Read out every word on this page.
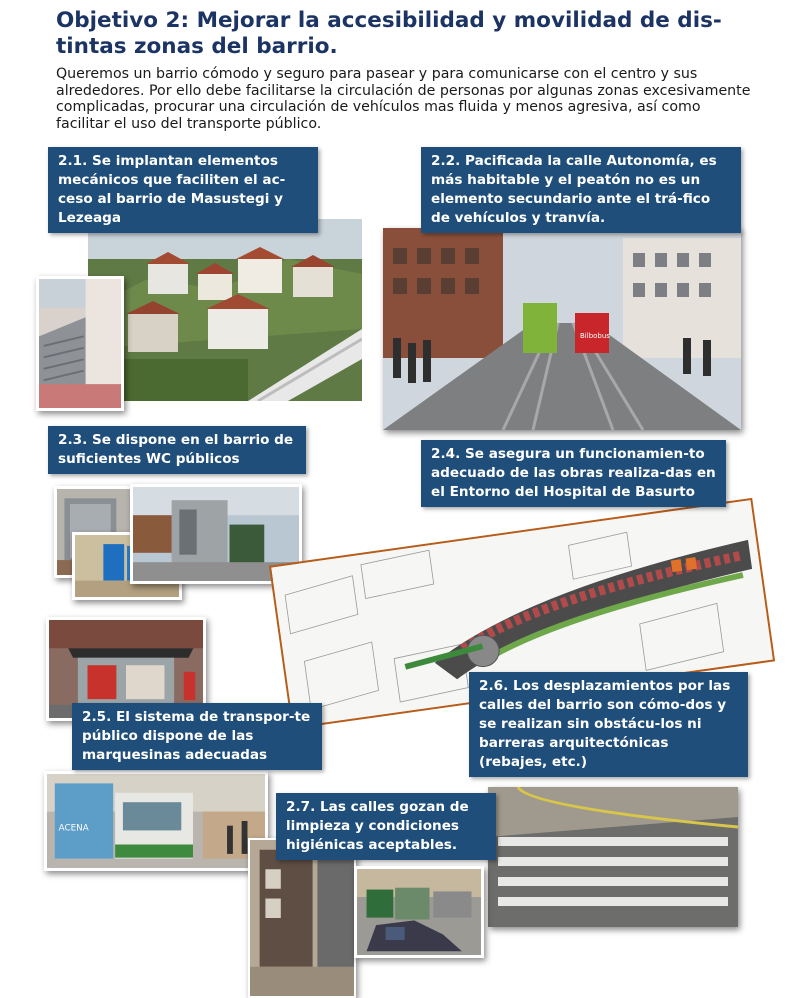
Objetivo 2: Mejorar la accesibilidad y movilidad de dis-tintas zonas del barrio.

Queremos un barrio cómodo y seguro para pasear y para comunicarse con el centro y sus alrededores. Por ello debe facilitarse la circulación de personas por algunas zonas excesivamente complicadas, procurar una circulación de vehículos mas fluida y menos agresiva, así como facilitar el uso del transporte público.

Bilbobus
ACENA
2.1. Se implantan elementos mecánicos que faciliten el ac-ceso al barrio de Masustegi y Lezeaga
2.2. Pacificada la calle Autonomía, es más habitable y el peatón no es un elemento secundario ante el trá-fico de vehículos y tranvía.
2.3. Se dispone en el barrio de suficientes WC públicos	2.4. Se asegura un funcionamien-to adecuado de las obras realiza-das en el Entorno del Hospital de Basurto
2.5. El sistema de transpor-te público dispone de las marquesinas adecuadas
2.6. Los desplazamientos por las calles del barrio son cómo-dos y se realizan sin obstácu-los ni barreras arquitectónicas (rebajes, etc.)
2.7. Las calles gozan de limpieza y condiciones higiénicas aceptables.
